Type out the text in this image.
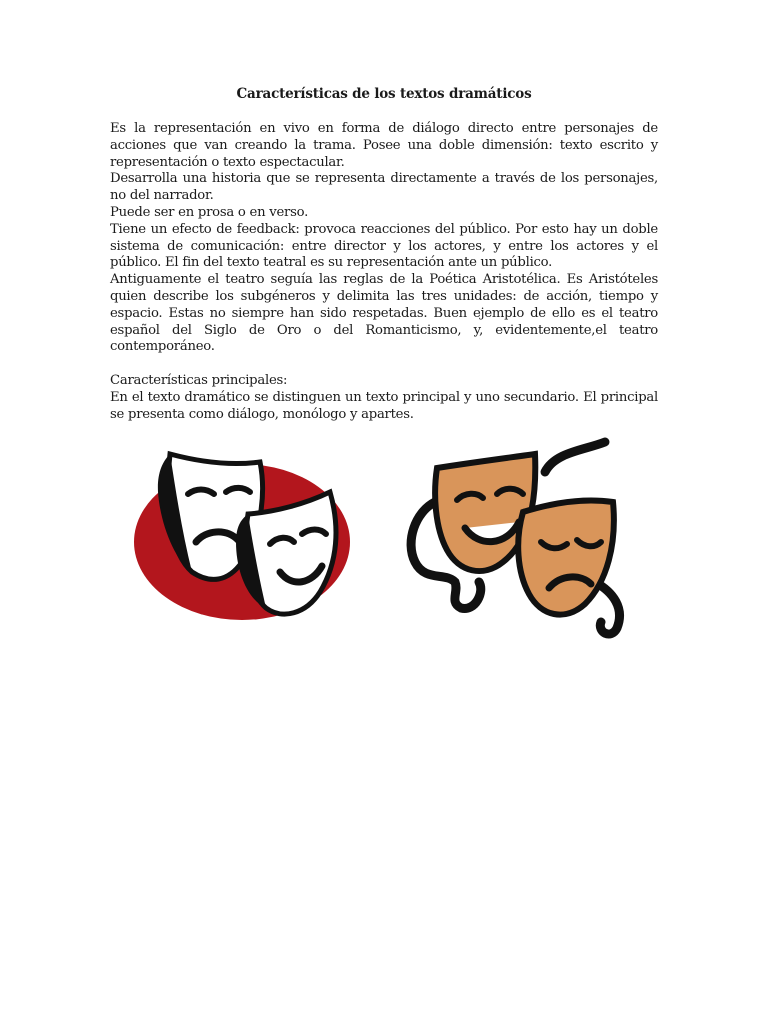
Características de los textos dramáticos

Es la representación en vivo en forma de diálogo directo entre personajes de acciones que van creando la trama. Posee una doble dimensión: texto escrito y representación o texto espectacular.

Desarrolla una historia que se representa directamente a través de los personajes, no del narrador.

Puede ser en prosa o en verso.

Tiene un efecto de feedback: provoca reacciones del público. Por esto hay un doble sistema de comunicación: entre director y los actores, y entre los actores y el público. El fin del texto teatral es su representación ante un público.

Antiguamente el teatro seguía las reglas de la Poética Aristotélica. Es Aristóteles quien describe los subgéneros y delimita las tres unidades: de acción, tiempo y espacio. Estas no siempre han sido respetadas. Buen ejemplo de ello es el teatro español del Siglo de Oro o del Romanticismo, y, evidentemente,el teatro contemporáneo.

Características principales:

En el texto dramático se distinguen un texto principal y uno secundario. El principal se presenta como diálogo, monólogo y apartes.
